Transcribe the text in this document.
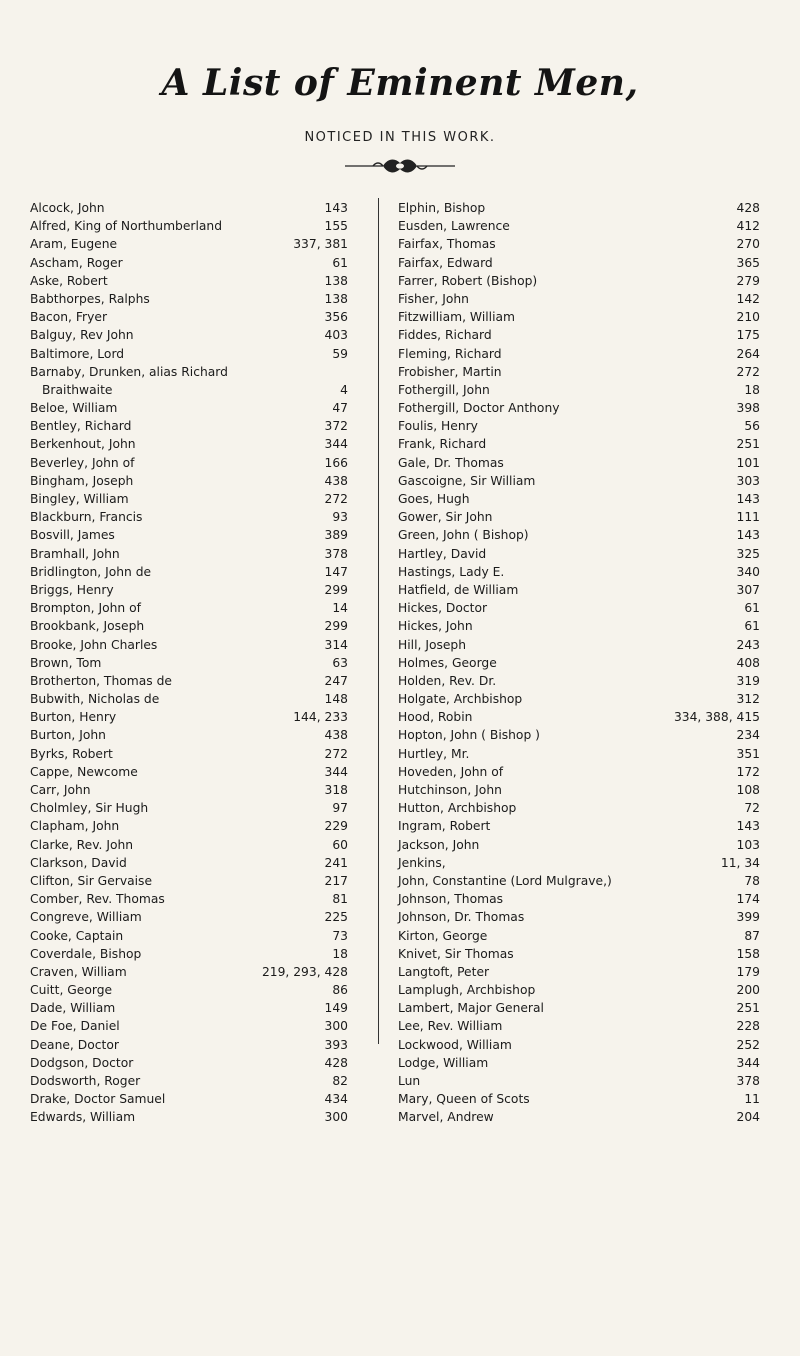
A List of Eminent Men,
NOTICED IN THIS WORK.
Alcock, John	143
Alfred, King of Northumberland	155
Aram, Eugene	337, 381
Ascham, Roger	61
Aske, Robert	138
Babthorpes, Ralphs	138
Bacon, Fryer	356
Balguy, Rev John	403
Baltimore, Lord	59
Barnaby, Drunken, alias Richard
Braithwaite	4
Beloe, William	47
Bentley, Richard	372
Berkenhout, John	344
Beverley, John of	166
Bingham, Joseph	438
Bingley, William	272
Blackburn, Francis	93
Bosvill, James	389
Bramhall, John	378
Bridlington, John de	147
Briggs, Henry	299
Brompton, John of	14
Brookbank, Joseph	299
Brooke, John Charles	314
Brown, Tom	63
Brotherton, Thomas de	247
Bubwith, Nicholas de	148
Burton, Henry	144, 233
Burton, John	438
Byrks, Robert	272
Cappe, Newcome	344
Carr, John	318
Cholmley, Sir Hugh	97
Clapham, John	229
Clarke, Rev. John	60
Clarkson, David	241
Clifton, Sir Gervaise	217
Comber, Rev. Thomas	81
Congreve, William	225
Cooke, Captain	73
Coverdale, Bishop	18
Craven, William	219, 293, 428
Cuitt, George	86
Dade, William	149
De Foe, Daniel	300
Deane, Doctor	393
Dodgson, Doctor	428
Dodsworth, Roger	82
Drake, Doctor Samuel	434
Edwards, William	300
Elphin, Bishop	428
Eusden, Lawrence	412
Fairfax, Thomas	270
Fairfax, Edward	365
Farrer, Robert (Bishop)	279
Fisher, John	142
Fitzwilliam, William	210
Fiddes, Richard	175
Fleming, Richard	264
Frobisher, Martin	272
Fothergill, John	18
Fothergill, Doctor Anthony	398
Foulis, Henry	56
Frank, Richard	251
Gale, Dr. Thomas	101
Gascoigne, Sir William	303
Goes, Hugh	143
Gower, Sir John	111
Green, John ( Bishop)	143
Hartley, David	325
Hastings, Lady E.	340
Hatfield, de William	307
Hickes, Doctor	61
Hickes, John	61
Hill, Joseph	243
Holmes, George	408
Holden, Rev. Dr.	319
Holgate, Archbishop	312
Hood, Robin	334, 388, 415
Hopton, John ( Bishop )	234
Hurtley, Mr.	351
Hoveden, John of	172
Hutchinson, John	108
Hutton, Archbishop	72
Ingram, Robert	143
Jackson, John	103
Jenkins,	11, 34
John, Constantine (Lord Mulgrave,)	78
Johnson, Thomas	174
Johnson, Dr. Thomas	399
Kirton, George	87
Knivet, Sir Thomas	158
Langtoft, Peter	179
Lamplugh, Archbishop	200
Lambert, Major General	251
Lee, Rev. William	228
Lockwood, William	252
Lodge, William	344
Lun	378
Mary, Queen of Scots	11
Marvel, Andrew	204
